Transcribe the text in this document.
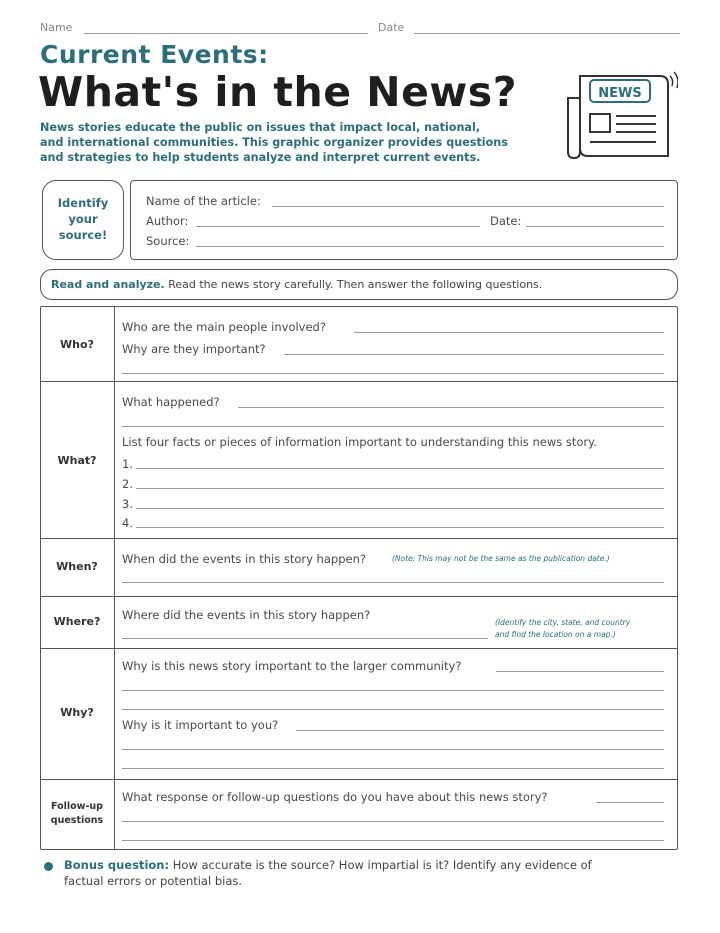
Name	Date
Current Events:
What's in the News?	NEWS
News stories educate the public on issues that impact local, national,
and international communities. This graphic organizer provides questions
and strategies to help students analyze and interpret current events.
Identify
your
source!
Name of the article:
Author:	Date:
Source:
Read and analyze. Read the news story carefully. Then answer the following questions.
Who?
Who are the main people involved?
Why are they important?
What?
What happened?
List four facts or pieces of information important to understanding this news story.
1.
2.
3.
4.
When?
When did the events in this story happen?	(Note: This may not be the same as the publication date.)
Where?	Where did the events in this story happen?
(Identify the city, state, and country
and find the location on a map.)
Why?
Why is this news story important to the larger community?
Why is it important to you?
Follow-up
questions
What response or follow-up questions do you have about this news story?
Bonus question: How accurate is the source? How impartial is it? Identify any evidence of
factual errors or potential bias.
